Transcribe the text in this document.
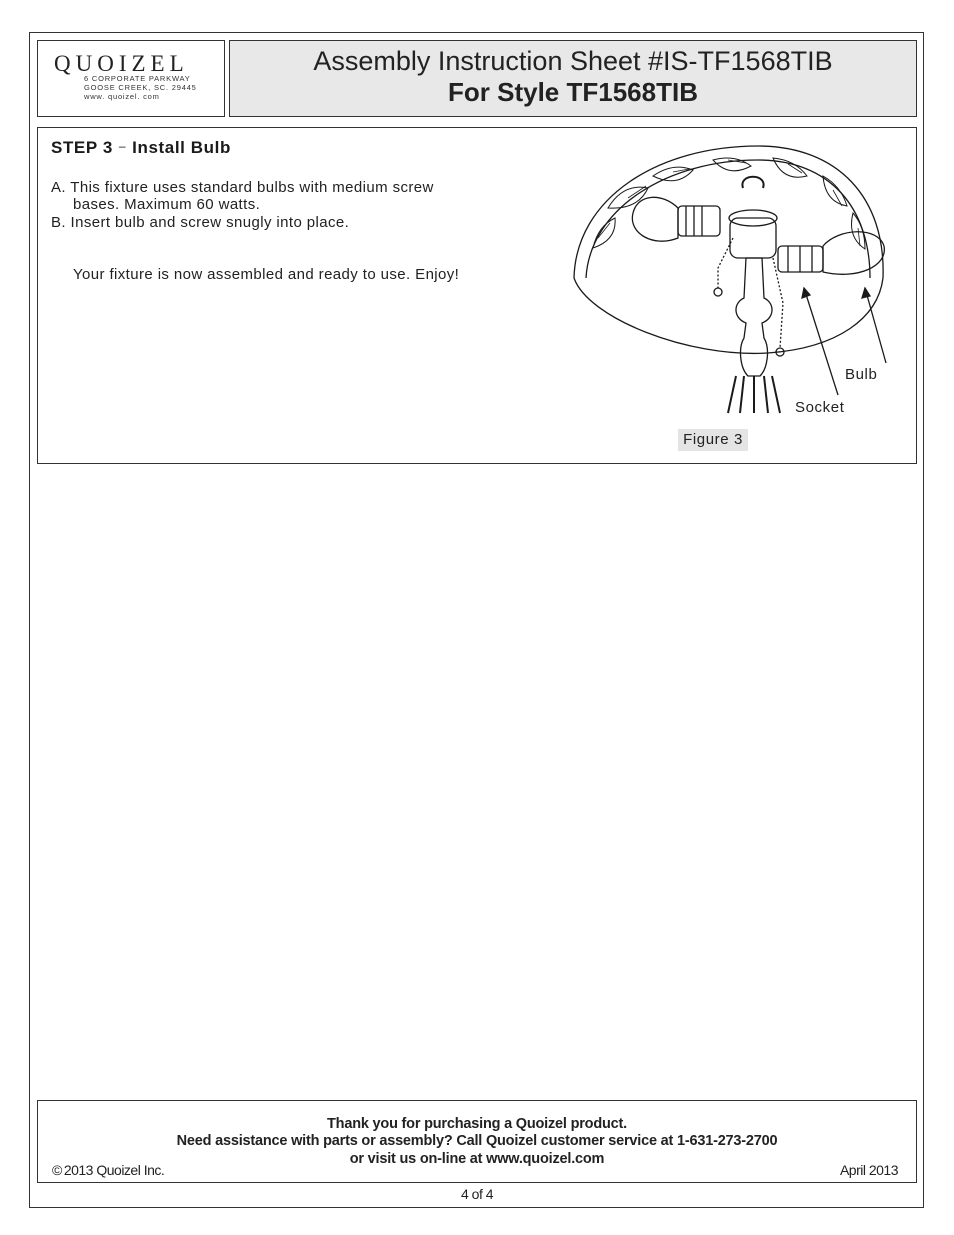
QUOIZEL
6 CORPORATE PARKWAY
GOOSE CREEK, SC. 29445
www. quoizel. com
Assembly Instruction Sheet #IS-TF1568TIB
For Style TF1568TIB
STEP 3 – Install Bulb
A. This fixture uses standard bulbs with medium screw
bases. Maximum 60 watts.
B. Insert bulb and screw snugly into place.
Your fixture is now assembled and ready to use. Enjoy!
Bulb
Socket
Figure 3
Thank you for purchasing a Quoizel product.
Need assistance with parts or assembly? Call Quoizel customer service at 1-631-273-2700
or visit us on-line at www.quoizel.com
© 2013 Quoizel Inc.	April 2013
4 of 4
